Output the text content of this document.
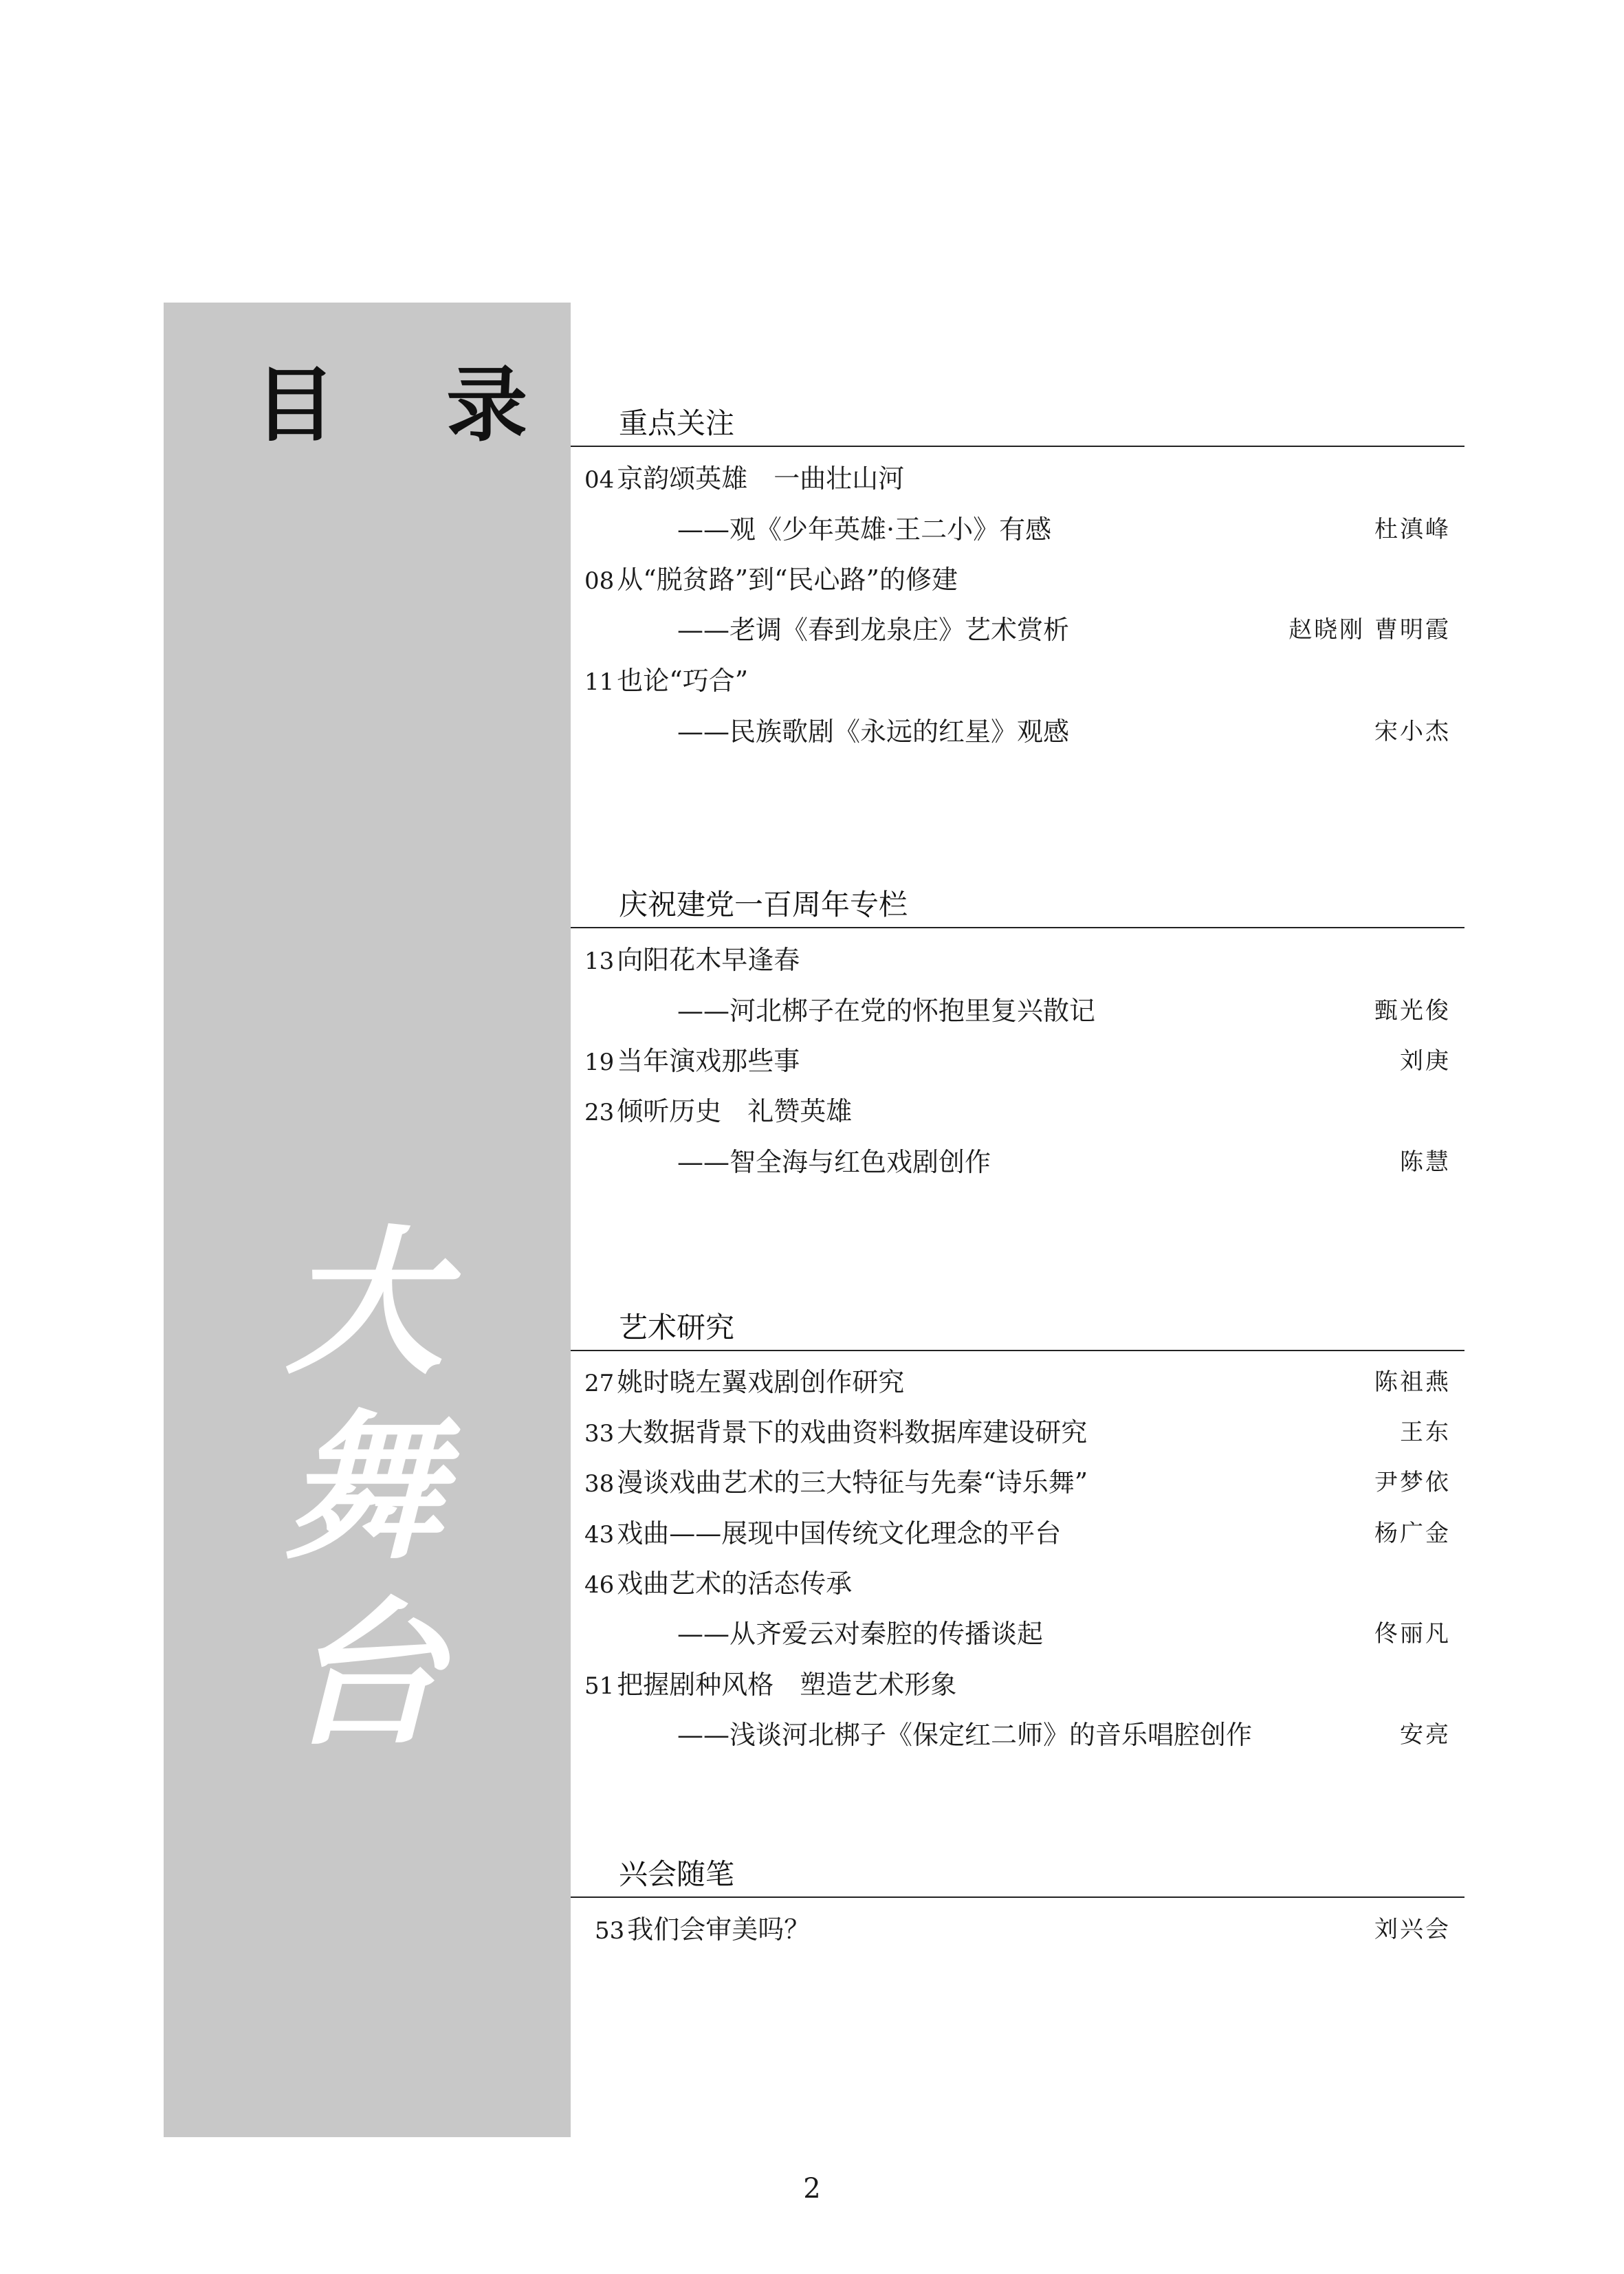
目 录
大
舞
台
重点关注
04 京韵颂英雄　一曲壮山河
——观《少年英雄·王二小》有感	杜滇峰
08 从“脱贫路”到“民心路”的修建
——老调《春到龙泉庄》艺术赏析	赵晓刚 曹明霞
11 也论“巧合”
——民族歌剧《永远的红星》观感	宋小杰
庆祝建党一百周年专栏
13 向阳花木早逢春
——河北梆子在党的怀抱里复兴散记	甄光俊
19 当年演戏那些事	刘庚
23 倾听历史　礼赞英雄
——智全海与红色戏剧创作	陈慧
艺术研究
27 姚时晓左翼戏剧创作研究	陈祖燕
33 大数据背景下的戏曲资料数据库建设研究	王东
38 漫谈戏曲艺术的三大特征与先秦“诗乐舞”	尹梦依
43 戏曲——展现中国传统文化理念的平台	杨广金
46 戏曲艺术的活态传承
——从齐爱云对秦腔的传播谈起	佟丽凡
51 把握剧种风格　塑造艺术形象
——浅谈河北梆子《保定红二师》的音乐唱腔创作	安亮
兴会随笔
53 我们会审美吗？	刘兴会
2
